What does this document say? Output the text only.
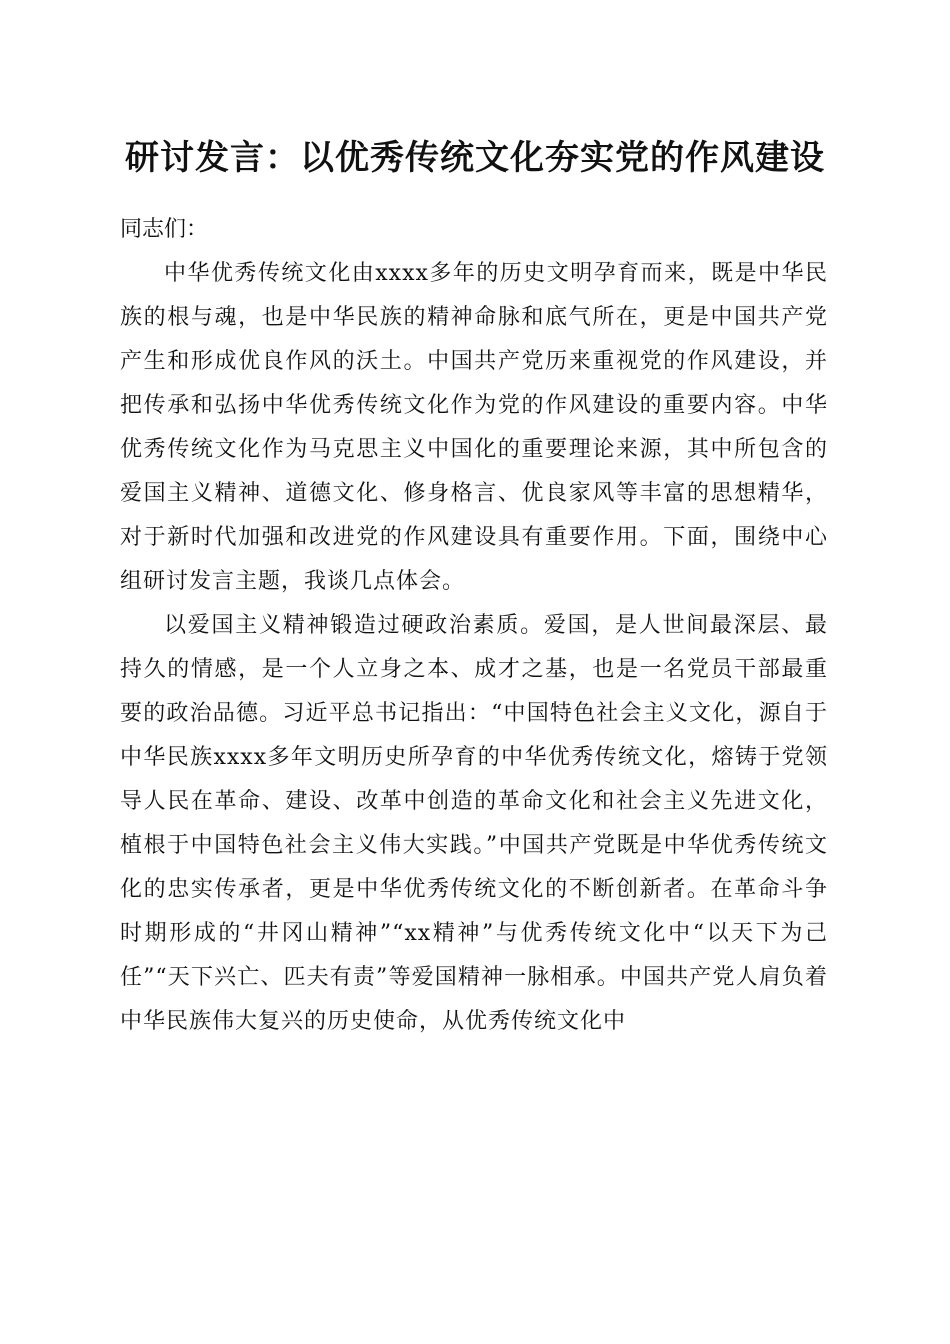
研讨发言：以优秀传统文化夯实党的作风建设

同志们：

中华优秀传统文化由xxxx多年的历史文明孕育而来，既是中华民族的根与魂，也是中华民族的精神命脉和底气所在，更是中国共产党产生和形成优良作风的沃土。中国共产党历来重视党的作风建设，并把传承和弘扬中华优秀传统文化作为党的作风建设的重要内容。中华优秀传统文化作为马克思主义中国化的重要理论来源，其中所包含的爱国主义精神、道德文化、修身格言、优良家风等丰富的思想精华，对于新时代加强和改进党的作风建设具有重要作用。下面，围绕中心组研讨发言主题，我谈几点体会。

以爱国主义精神锻造过硬政治素质。爱国，是人世间最深层、最持久的情感，是一个人立身之本、成才之基，也是一名党员干部最重要的政治品德。习近平总书记指出：“中国特色社会主义文化，源自于中华民族xxxx多年文明历史所孕育的中华优秀传统文化，熔铸于党领导人民在革命、建设、改革中创造的革命文化和社会主义先进文化，植根于中国特色社会主义伟大实践。”中国共产党既是中华优秀传统文化的忠实传承者，更是中华优秀传统文化的不断创新者。在革命斗争时期形成的“井冈山精神”“xx精神”与优秀传统文化中“以天下为己任”“天下兴亡、匹夫有责”等爱国精神一脉相承。中国共产党人肩负着中华民族伟大复兴的历史使命，从优秀传统文化中
